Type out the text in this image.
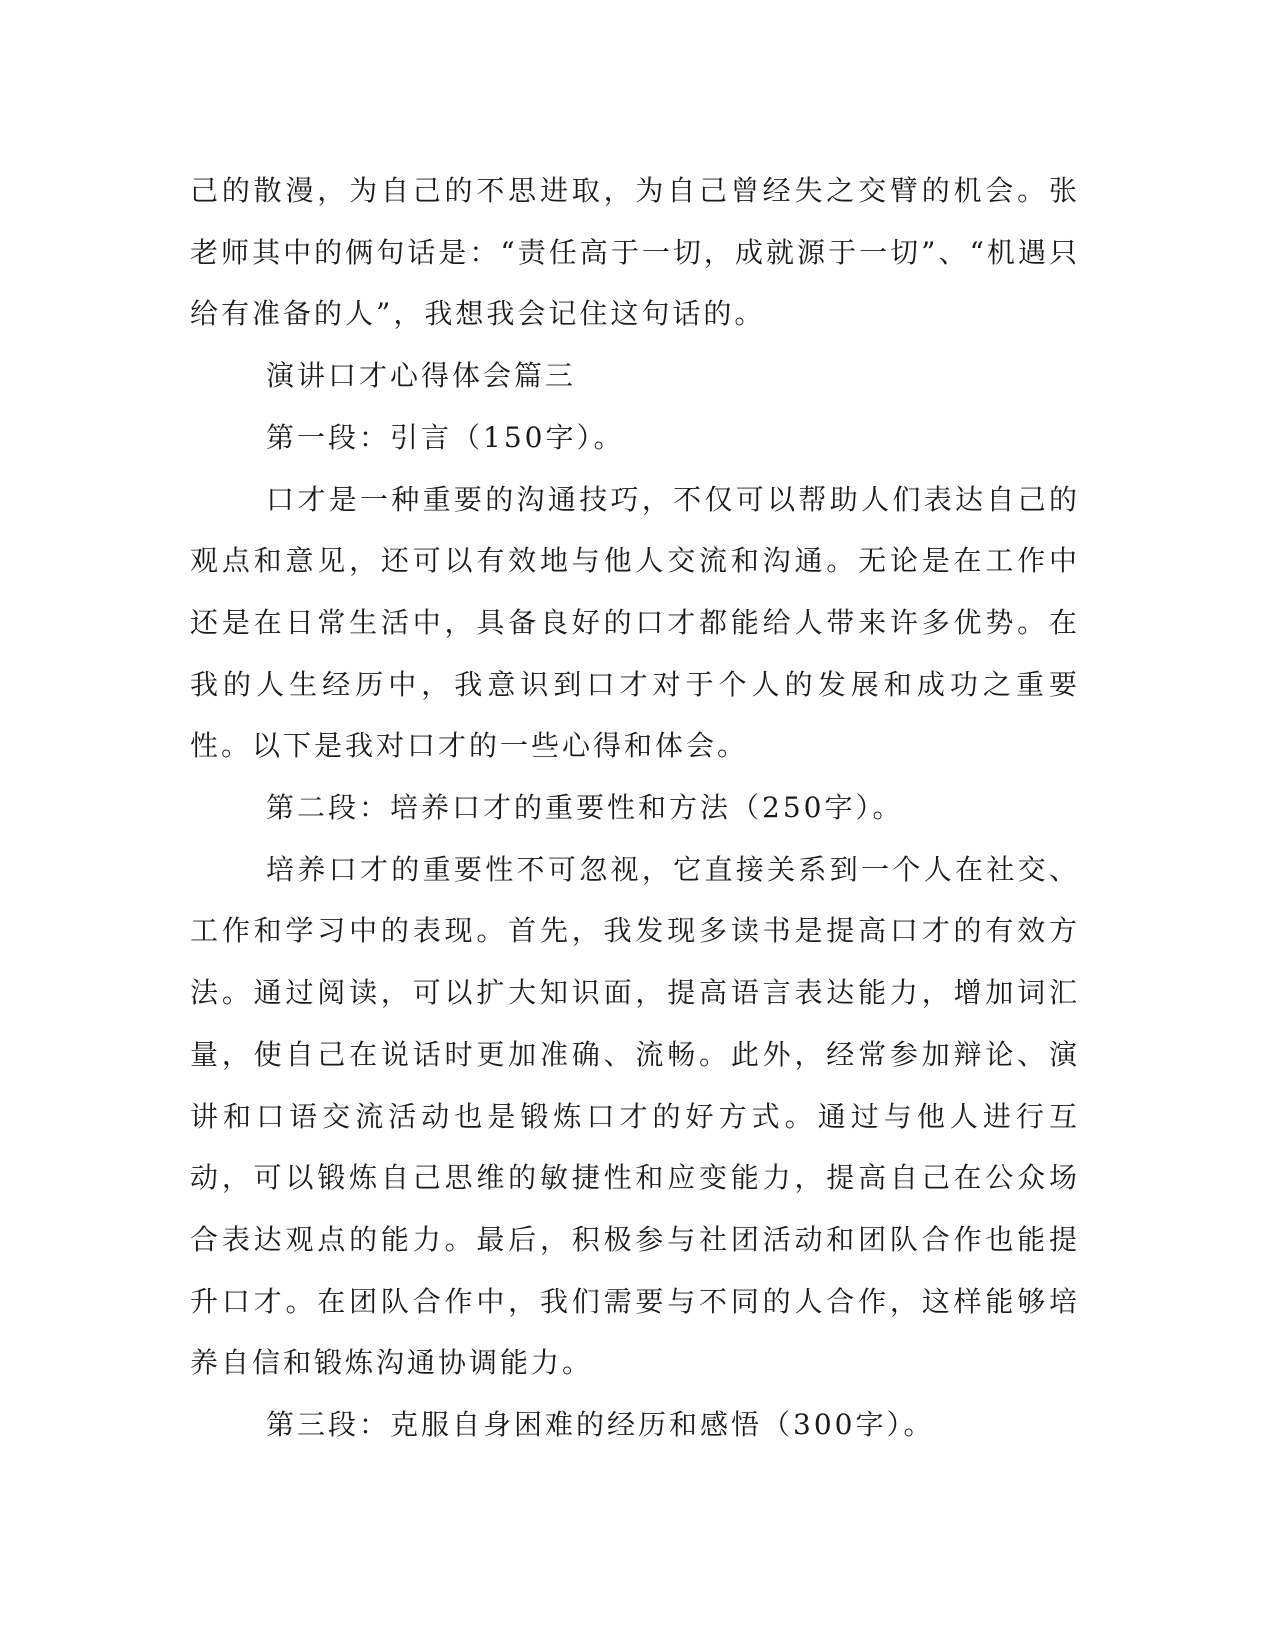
己的散漫，为自己的不思进取，为自己曾经失之交臂的机会。张老师其中的俩句话是：“责任高于一切，成就源于一切”、“机遇只给有准备的人”，我想我会记住这句话的。

演讲口才心得体会篇三

第一段：引言（150字）。

口才是一种重要的沟通技巧，不仅可以帮助人们表达自己的观点和意见，还可以有效地与他人交流和沟通。无论是在工作中还是在日常生活中，具备良好的口才都能给人带来许多优势。在我的人生经历中，我意识到口才对于个人的发展和成功之重要性。以下是我对口才的一些心得和体会。

第二段：培养口才的重要性和方法（250字）。

培养口才的重要性不可忽视，它直接关系到一个人在社交、工作和学习中的表现。首先，我发现多读书是提高口才的有效方法。通过阅读，可以扩大知识面，提高语言表达能力，增加词汇量，使自己在说话时更加准确、流畅。此外，经常参加辩论、演讲和口语交流活动也是锻炼口才的好方式。通过与他人进行互动，可以锻炼自己思维的敏捷性和应变能力，提高自己在公众场合表达观点的能力。最后，积极参与社团活动和团队合作也能提升口才。在团队合作中，我们需要与不同的人合作，这样能够培养自信和锻炼沟通协调能力。

第三段：克服自身困难的经历和感悟（300字）。
